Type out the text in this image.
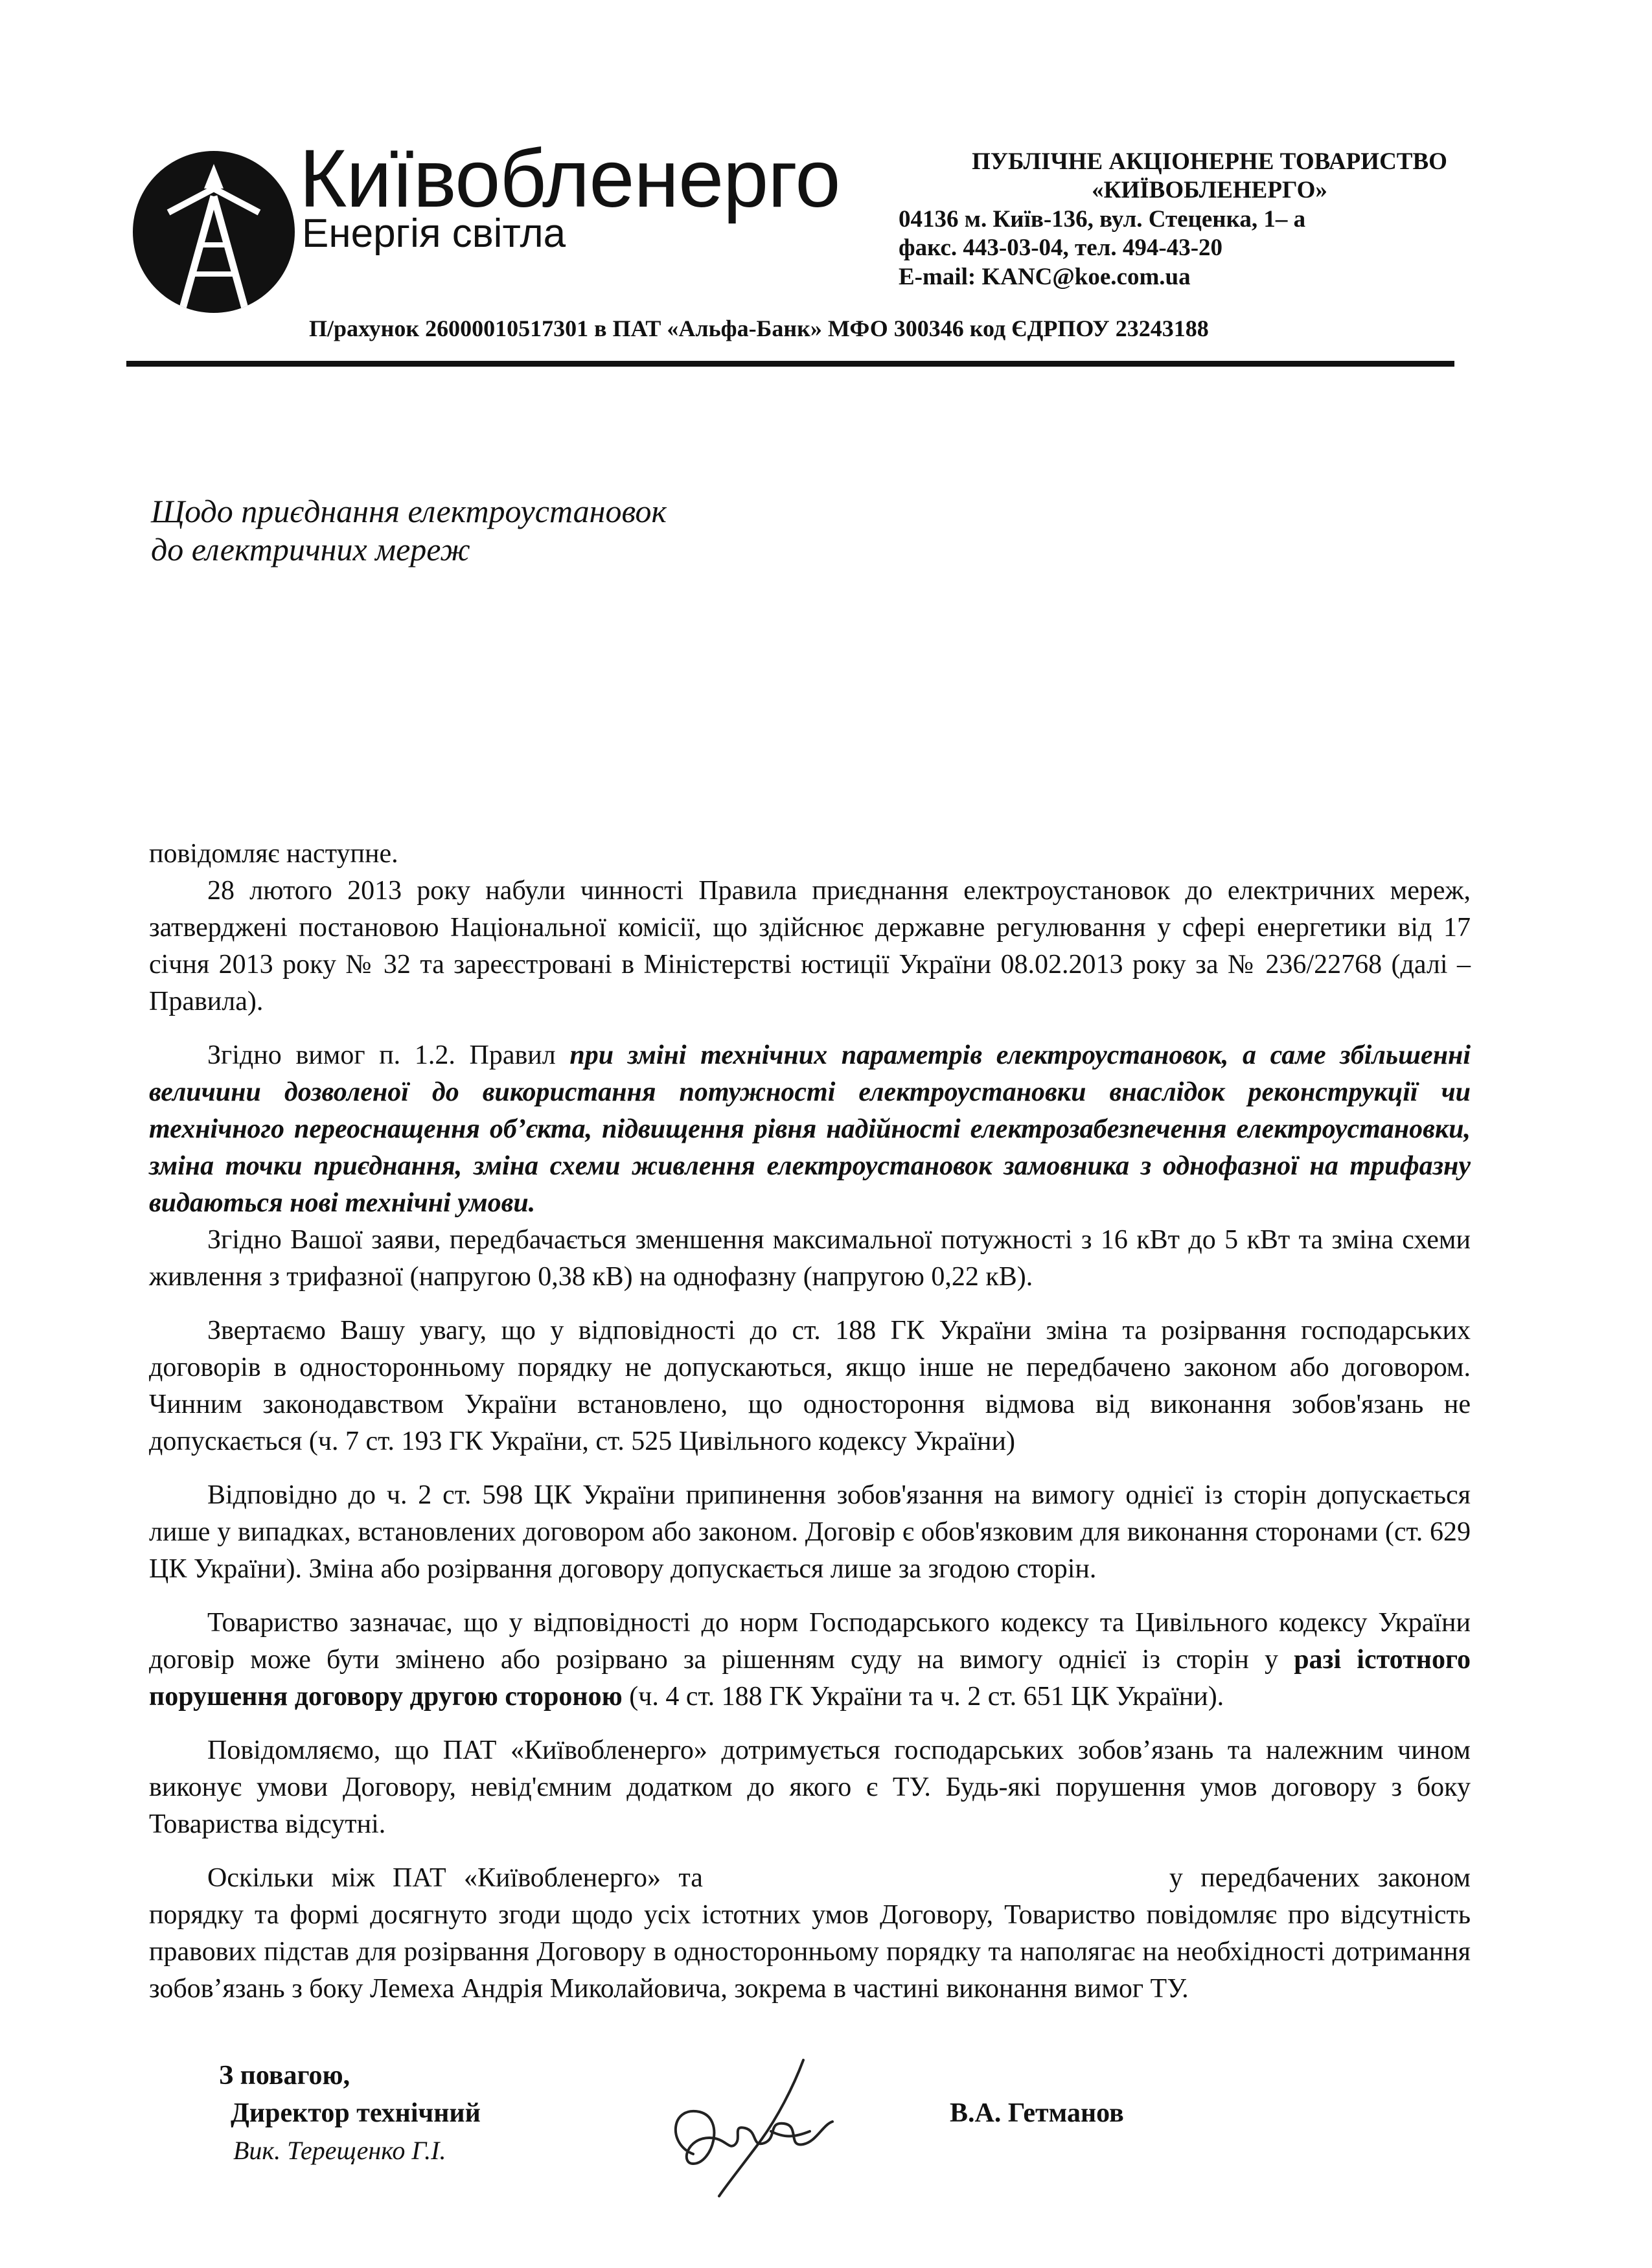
Київобленерго
Енергія світла
ПУБЛІЧНЕ АКЦІОНЕРНЕ ТОВАРИСТВО
«КИЇВОБЛЕНЕРГО»
04136 м. Київ-136, вул. Стеценка, 1– а
факс. 443-03-04, тел. 494-43-20
E-mail: KANC@koe.com.ua
П/рахунок 26000010517301 в ПАТ «Альфа-Банк» МФО 300346 код ЄДРПОУ 23243188
Щодо приєднання електроустановок
до електричних мереж

повідомляє наступне.

28 лютого 2013 року набули чинності Правила приєднання електроустановок до електричних мереж, затверджені постановою Національної комісії, що здійснює державне регулювання у сфері енергетики від 17 січня 2013 року № 32 та зареєстровані в Міністерстві юстиції України 08.02.2013 року за № 236/22768 (далі – Правила).

Згідно вимог п. 1.2. Правил при зміні технічних параметрів електроустановок, а саме збільшенні величини дозволеної до використання потужності електроустановки внаслідок реконструкції чи технічного переоснащення об’єкта, підвищення рівня надійності електрозабезпечення електроустановки, зміна точки приєднання, зміна схеми живлення електроустановок замовника з однофазної на трифазну видаються нові технічні умови.

Згідно Вашої заяви, передбачається зменшення максимальної потужності з 16 кВт до 5 кВт та зміна схеми живлення з трифазної (напругою 0,38 кВ) на однофазну (напругою 0,22 кВ).

Звертаємо Вашу увагу, що у відповідності до ст. 188 ГК України зміна та розірвання господарських договорів в односторонньому порядку не допускаються, якщо інше не передбачено законом або договором. Чинним законодавством України встановлено, що одностороння відмова від виконання зобов'язань не допускається (ч. 7 ст. 193 ГК України, ст. 525 Цивільного кодексу України)

Відповідно до ч. 2 ст. 598 ЦК України припинення зобов'язання на вимогу однієї із сторін допускається лише у випадках, встановлених договором або законом. Договір є обов'язковим для виконання сторонами (ст. 629 ЦК України). Зміна або розірвання договору допускається лише за згодою сторін.

Товариство зазначає, що у відповідності до норм Господарського кодексу та Цивільного кодексу України договір може бути змінено або розірвано за рішенням суду на вимогу однієї із сторін у разі істотного порушення договору другою стороною (ч. 4 ст. 188 ГК України та ч. 2 ст. 651 ЦК України).

Повідомляємо, що ПАТ «Київобленерго» дотримується господарських зобов’язань та належним чином виконує умови Договору, невід'ємним додатком до якого є ТУ. Будь-які порушення умов договору з боку Товариства відсутні.

Оскільки між ПАТ «Київобленерго» та	у передбачених законом порядку та формі досягнуто згоди щодо усіх істотних умов Договору, Товариство повідомляє про відсутність правових підстав для розірвання Договору в односторонньому порядку та наполягає на необхідності дотримання зобов’язань з боку Лемеха Андрія Миколайовича, зокрема в частині виконання вимог ТУ.

З повагою,
Директор технічний	В.А. Гетманов
Вик. Терещенко Г.І.
